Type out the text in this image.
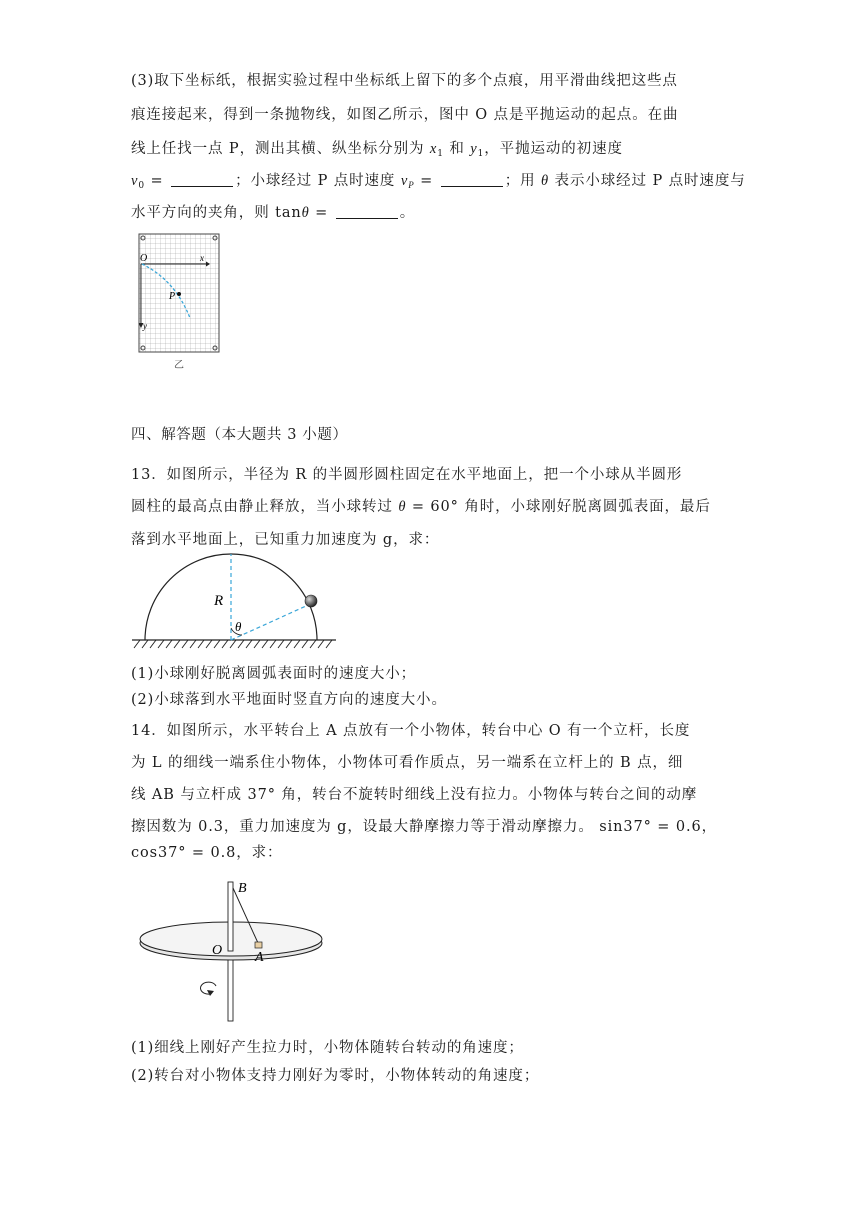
(3)取下坐标纸，根据实验过程中坐标纸上留下的多个点痕，用平滑曲线把这些点
痕连接起来，得到一条抛物线，如图乙所示，图中 O 点是平抛运动的起点。在曲
线上任找一点 P，测出其横、纵坐标分别为 $x_1$ 和 $y_1$，平抛运动的初速度
$v_0$ =	；小球经过 P 点时速度 $v_P$ =	；用 θ 表示小球经过 P 点时速度与
水平方向的夹角，则 tanθ =	。
O	x
y
P
乙
四、解答题（本大题共 3 小题）
13．如图所示，半径为 R 的半圆形圆柱固定在水平地面上，把一个小球从半圆形
圆柱的最高点由静止释放，当小球转过 θ = 60° 角时，小球刚好脱离圆弧表面，最后
落到水平地面上，已知重力加速度为 g，求：
R
θ
(1)小球刚好脱离圆弧表面时的速度大小；
(2)小球落到水平地面时竖直方向的速度大小。
14．如图所示，水平转台上 A 点放有一个小物体，转台中心 O 有一个立杆，长度
为 L 的细线一端系住小物体，小物体可看作质点，另一端系在立杆上的 B 点，细
线 AB 与立杆成 37° 角，转台不旋转时细线上没有拉力。小物体与转台之间的动摩
擦因数为 0.3，重力加速度为 g，设最大静摩擦力等于滑动摩擦力。 sin37° = 0.6，
cos37° = 0.8，求：
B
O A
(1)细线上刚好产生拉力时，小物体随转台转动的角速度；
(2)转台对小物体支持力刚好为零时，小物体转动的角速度；
